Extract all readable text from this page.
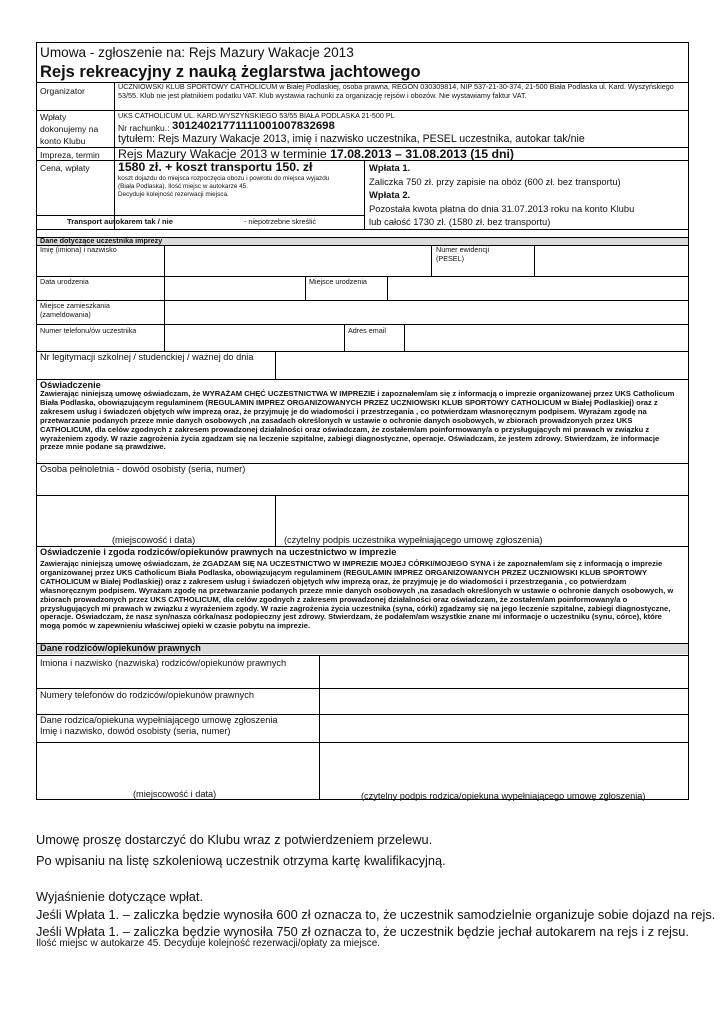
Umowa - zgłoszenie na: Rejs Mazury Wakacje 2013
Rejs rekreacyjny z nauką żeglarstwa jachtowego
Organizator	UCZNIOWSKI KLUB SPORTOWY CATHOLICUM w Białej Podlaskiej, osoba prawna, REGON 030309814, NIP 537-21-30-374, 21-500 Biała Podlaska ul. Kard. Wyszyńskiego 53/55. Klub nie jest płatnikiem podatku VAT. Klub wystawia rachunki za organizację rejsów i obozów. Nie wystawiamy faktur VAT.
Wpłaty
dokonujemy na
konto Klubu
UKS CATHOLICUM UL. KARD.WYSZYŃSKIEGO 53/55 BIAŁA PODLASKA 21-500 PL
Nr rachunku.: 30124021771111001007832698
tytułem: Rejs Mazury Wakacje 2013, imię i nazwisko uczestnika, PESEL uczestnika, autokar tak/nie
Impreza, termin Rejs Mazury Wakacje 2013 w terminie 17.08.2013 – 31.08.2013 (15 dni)
Cena, wpłaty 1580 zł. + koszt transportu 150. zł
koszt dojazdu do miejsca rozpoczęcia obozu i powrotu do miejsca wyjazdu
(Biała Podlaska). Ilość miejsc w autokarze 45.
Decyduje kolejność rezerwacji miejsca.
Wpłata 1.
Zaliczka 750 zł. przy zapisie na obóz (600 zł. bez transportu)
Wpłata 2.
Pozostała kwota płatna do dnia 31.07.2013 roku na konto Klubu
lub całość 1730 zł. (1580 zł. bez transportu)
Transport autokarem tak / nie	- niepotrzebne skreślić
Dane dotyczące uczestnika imprezy
Imię (imiona) i nazwisko	Numer ewidencji
(PESEL)
Data urodzenia	Miejsce urodzenia
Miejsce zamieszkania
(zameldowania)
Numer telefonu/ów uczestnika	Adres email
Nr legitymacji szkolnej / studenckiej / ważnej do dnia
Oświadczenie
Zawierając niniejszą umowę oświadczam, że WYRAŻAM CHĘĆ UCZESTNICTWA W IMPREZIE i zapoznałem/am się z informacją o imprezie organizowanej przez UKS Catholicum Biała Podlaska, obowiązującym regulaminem (REGULAMIN IMPREZ ORGANIZOWANYCH PRZEZ UCZNIOWSKI KLUB SPORTOWY CATHOLICUM w Białej Podlaskiej) oraz z zakresem usług i świadczeń objętych w/w imprezą oraz, że przyjmuję je do wiadomości i przestrzegania , co potwierdzam własnoręcznym podpisem. Wyrażam zgodę na przetwarzanie podanych przeze mnie danych osobowych ,na zasadach określonych w ustawie o ochronie danych osobowych, w zbiorach prowadzonych przez UKS CATHOLICUM, dla celów zgodnych z zakresem prowadzonej działalności oraz oświadczam, że zostałem/am poinformowany/a o przysługujących mi prawach w związku z wyrażeniem zgody. W razie zagrożenia życia zgadzam się na leczenie szpitalne, zabiegi diagnostyczne, operacje. Oświadczam, że jestem zdrowy. Stwierdzam, że informacje przeze mnie podane są prawdziwe.
Osoba pełnoletnia - dowód osobisty (seria, numer)
(miejscowość i data)	(czytelny podpis uczestnika wypełniającego umowę zgłoszenia)
Oświadczenie i zgoda rodziców/opiekunów prawnych na uczestnictwo w imprezie
Zawierając niniejszą umowę oświadczam, że ZGADZAM SIĘ NA UCZESTNICTWO W IMPREZIE MOJEJ CÓRKI/MOJEGO SYNA i że zapoznałem/am się z informacją o imprezie organizowanej przez UKS Catholicum Biała Podlaska, obowiązującym regulaminem (REGULAMIN IMPREZ ORGANIZOWANYCH PRZEZ UCZNIOWSKI KLUB SPORTOWY CATHOLICUM w Białej Podlaskiej) oraz z zakresem usług i świadczeń objętych w/w imprezą oraz, że przyjmuję je do wiadomości i przestrzegania , co potwierdzam własnoręcznym podpisem. Wyrażam zgodę na przetwarzanie podanych przeze mnie danych osobowych ,na zasadach określonych w ustawie o ochronie danych osobowych, w zbiorach prowadzonych przez UKS CATHOLICUM, dla celów zgodnych z zakresem prowadzonej działalności oraz oświadczam, że zostałem/am poinformowany/a o przysługujących mi prawach w związku z wyrażeniem zgody. W razie zagrożenia życia uczestnika (syna, córki) zgadzamy się na jego leczenie szpitalne, zabiegi diagnostyczne, operacje. Oświadczam, że nasz syn/nasza córka/nasz podopieczny jest zdrowy. Stwierdzam, że podałem/am wszystkie znane mi informacje o uczestniku (synu, córce), które mogą pomóc w zapewnieniu właściwej opieki w czasie pobytu na imprezie.
Dane rodziców/opiekunów prawnych
Imiona i nazwisko (nazwiska) rodziców/opiekunów prawnych
Numery telefonów do rodziców/opiekunów prawnych
Dane rodzica/opiekuna wypełniającego umowę zgłoszenia
Imię i nazwisko, dowód osobisty (seria, numer)
(miejscowość i data)	(czytelny podpis rodzica/opiekuna wypełniającego umowę zgłoszenia)
Umowę proszę dostarczyć do Klubu wraz z potwierdzeniem przelewu.
Po wpisaniu na listę szkoleniową uczestnik otrzyma kartę kwalifikacyjną.
Wyjaśnienie dotyczące wpłat.
Jeśli Wpłata 1. – zaliczka będzie wynosiła 600 zł oznacza to, że uczestnik samodzielnie organizuje sobie dojazd na rejs.
Jeśli Wpłata 1. – zaliczka będzie wynosiła 750 zł oznacza to, że uczestnik będzie jechał autokarem na rejs i z rejsu.
Ilość miejsc w autokarze 45. Decyduje kolejność rezerwacji/opłaty za miejsce.
